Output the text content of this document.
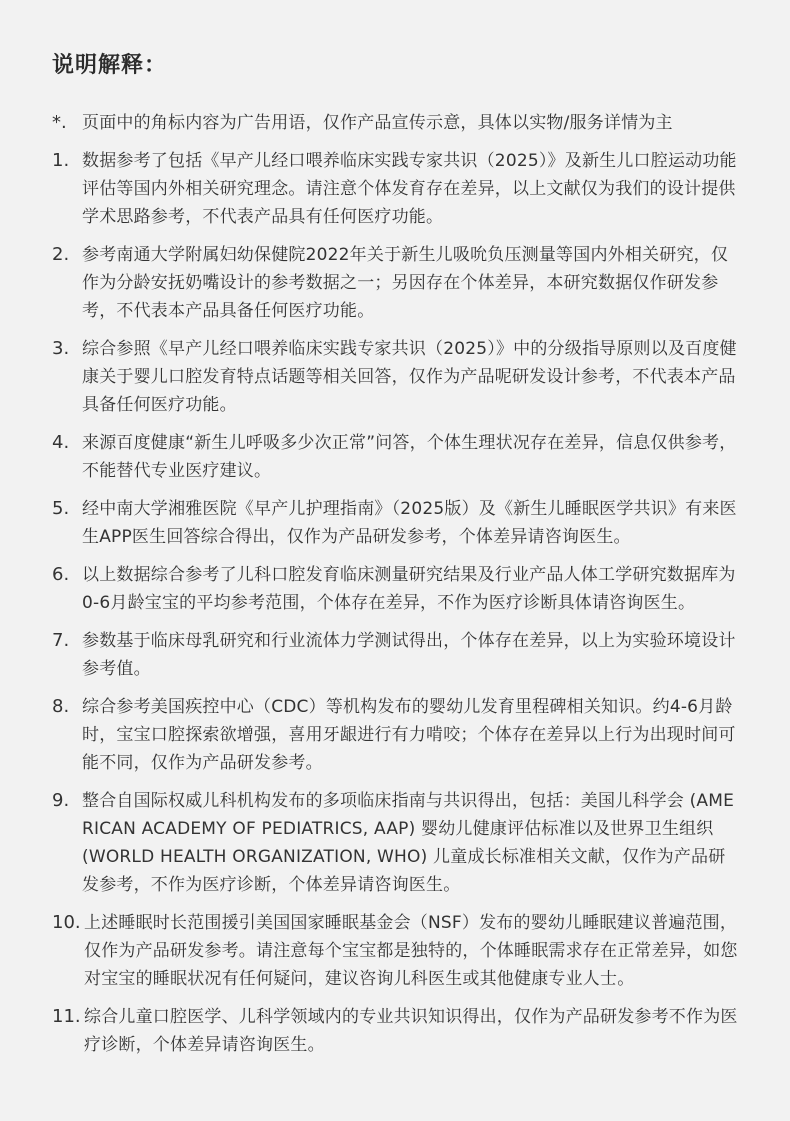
说明解释：
*. 页面中的角标内容为广告用语，仅作产品宣传示意，具体以实物/服务详情为主
1. 数据参考了包括《早产儿经口喂养临床实践专家共识（2025）》及新生儿口腔运动功能评估等国内外相关研究理念。请注意个体发育存在差异，以上文献仅为我们的设计提供学术思路参考，不代表产品具有任何医疗功能。
2. 参考南通大学附属妇幼保健院2022年关于新生儿吸吮负压测量等国内外相关研究，仅作为分龄安抚奶嘴设计的参考数据之一；另因存在个体差异，本研究数据仅作研发参考，不代表本产品具备任何医疗功能。
3. 综合参照《早产儿经口喂养临床实践专家共识（2025）》中的分级指导原则以及百度健康关于婴儿口腔发育特点话题等相关回答，仅作为产品呢研发设计参考，不代表本产品具备任何医疗功能。
4. 来源百度健康“新生儿呼吸多少次正常”问答，个体生理状况存在差异，信息仅供参考，不能替代专业医疗建议。
5. 经中南大学湘雅医院《早产儿护理指南》（2025版）及《新生儿睡眠医学共识》有来医生APP医生回答综合得出，仅作为产品研发参考，个体差异请咨询医生。
6. 以上数据综合参考了儿科口腔发育临床测量研究结果及行业产品人体工学研究数据库为0-6月龄宝宝的平均参考范围，个体存在差异，不作为医疗诊断具体请咨询医生。
7. 参数基于临床母乳研究和行业流体力学测试得出，个体存在差异，以上为实验环境设计参考值。
8. 综合参考美国疾控中心（CDC）等机构发布的婴幼儿发育里程碑相关知识。约4-6月龄时，宝宝口腔探索欲增强，喜用牙龈进行有力啃咬；个体存在差异以上行为出现时间可能不同，仅作为产品研发参考。
9. 整合自国际权威儿科机构发布的多项临床指南与共识得出，包括：美国儿科学会 (AMERICAN ACADEMY OF PEDIATRICS, AAP) 婴幼儿健康评估标准以及世界卫生组织 (WORLD HEALTH ORGANIZATION, WHO) 儿童成长标准相关文献，仅作为产品研发参考，不作为医疗诊断，个体差异请咨询医生。
10. 上述睡眠时长范围援引美国国家睡眠基金会（NSF）发布的婴幼儿睡眠建议普遍范围，仅作为产品研发参考。请注意每个宝宝都是独特的，个体睡眠需求存在正常差异，如您对宝宝的睡眠状况有任何疑问，建议咨询儿科医生或其他健康专业人士。
11. 综合儿童口腔医学、儿科学领域内的专业共识知识得出，仅作为产品研发参考不作为医疗诊断，个体差异请咨询医生。
